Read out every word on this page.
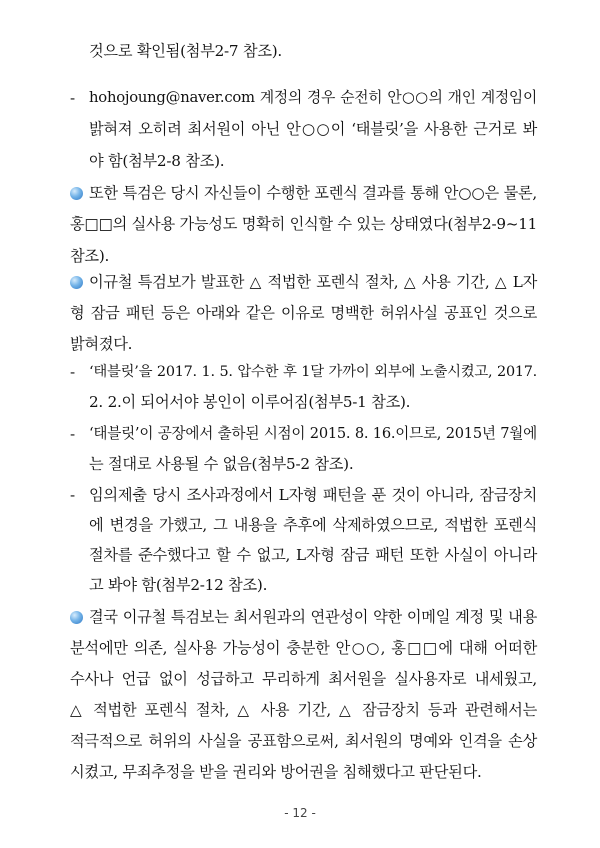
것으로 확인됨(첨부2-7 참조).
- hohojoung@naver.com 계정의 경우 순전히 안○○의 개인 계정임이
밝혀져 오히려 최서원이 아닌 안○○이 ‘태블릿’을 사용한 근거로 봐
야 함(첨부2-8 참조).
또한 특검은 당시 자신들이 수행한 포렌식 결과를 통해 안○○은 물론,
홍□□의 실사용 가능성도 명확히 인식할 수 있는 상태였다(첨부2-9~11
참조).
이규철 특검보가 발표한 △ 적법한 포렌식 절차, △ 사용 기간, △ L자
형 잠금 패턴 등은 아래와 같은 이유로 명백한 허위사실 공표인 것으로
밝혀졌다.
- ‘태블릿’을 2017. 1. 5. 압수한 후 1달 가까이 외부에 노출시켰고, 2017.
2. 2.이 되어서야 봉인이 이루어짐(첨부5-1 참조).
- ‘태블릿’이 공장에서 출하된 시점이 2015. 8. 16.이므로, 2015년 7월에
는 절대로 사용될 수 없음(첨부5-2 참조).
- 임의제출 당시 조사과정에서 L자형 패턴을 푼 것이 아니라, 잠금장치
에 변경을 가했고, 그 내용을 추후에 삭제하였으므로, 적법한 포렌식
절차를 준수했다고 할 수 없고, L자형 잠금 패턴 또한 사실이 아니라
고 봐야 함(첨부2-12 참조).
결국 이규철 특검보는 최서원과의 연관성이 약한 이메일 계정 및 내용
분석에만 의존, 실사용 가능성이 충분한 안○○, 홍□□에 대해 어떠한
수사나 언급 없이 성급하고 무리하게 최서원을 실사용자로 내세웠고,
△ 적법한 포렌식 절차, △ 사용 기간, △ 잠금장치 등과 관련해서는
적극적으로 허위의 사실을 공표함으로써, 최서원의 명예와 인격을 손상
시켰고, 무죄추정을 받을 권리와 방어권을 침해했다고 판단된다.
- 12 -
